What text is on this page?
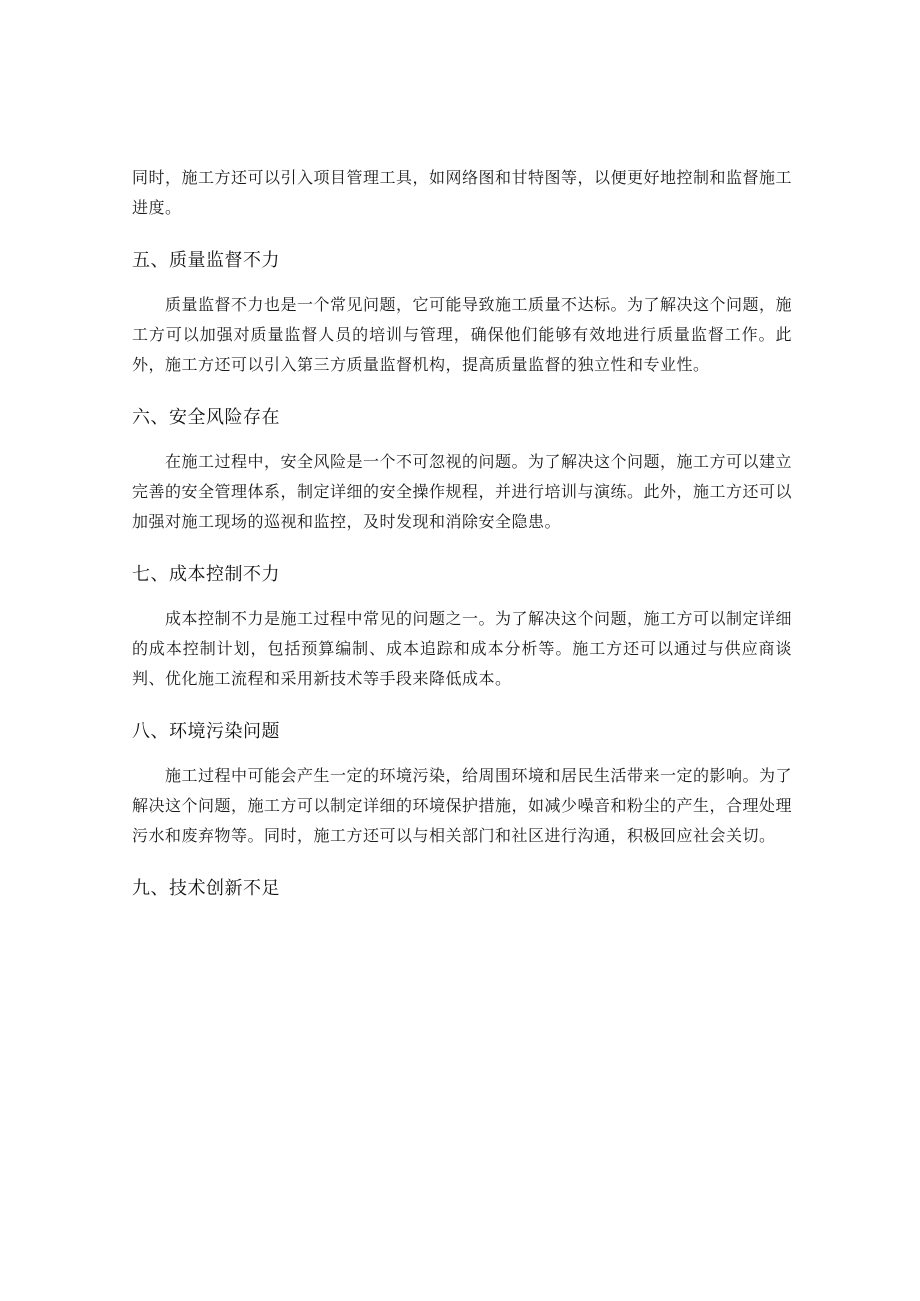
同时，施工方还可以引入项目管理工具，如网络图和甘特图等，以便更好地控制和监督施工进度。

五、质量监督不力

质量监督不力也是一个常见问题，它可能导致施工质量不达标。为了解决这个问题，施工方可以加强对质量监督人员的培训与管理，确保他们能够有效地进行质量监督工作。此外，施工方还可以引入第三方质量监督机构，提高质量监督的独立性和专业性。

六、安全风险存在

在施工过程中，安全风险是一个不可忽视的问题。为了解决这个问题，施工方可以建立完善的安全管理体系，制定详细的安全操作规程，并进行培训与演练。此外，施工方还可以加强对施工现场的巡视和监控，及时发现和消除安全隐患。

七、成本控制不力

成本控制不力是施工过程中常见的问题之一。为了解决这个问题，施工方可以制定详细的成本控制计划，包括预算编制、成本追踪和成本分析等。施工方还可以通过与供应商谈判、优化施工流程和采用新技术等手段来降低成本。

八、环境污染问题

施工过程中可能会产生一定的环境污染，给周围环境和居民生活带来一定的影响。为了解决这个问题，施工方可以制定详细的环境保护措施，如减少噪音和粉尘的产生，合理处理污水和废弃物等。同时，施工方还可以与相关部门和社区进行沟通，积极回应社会关切。

九、技术创新不足
